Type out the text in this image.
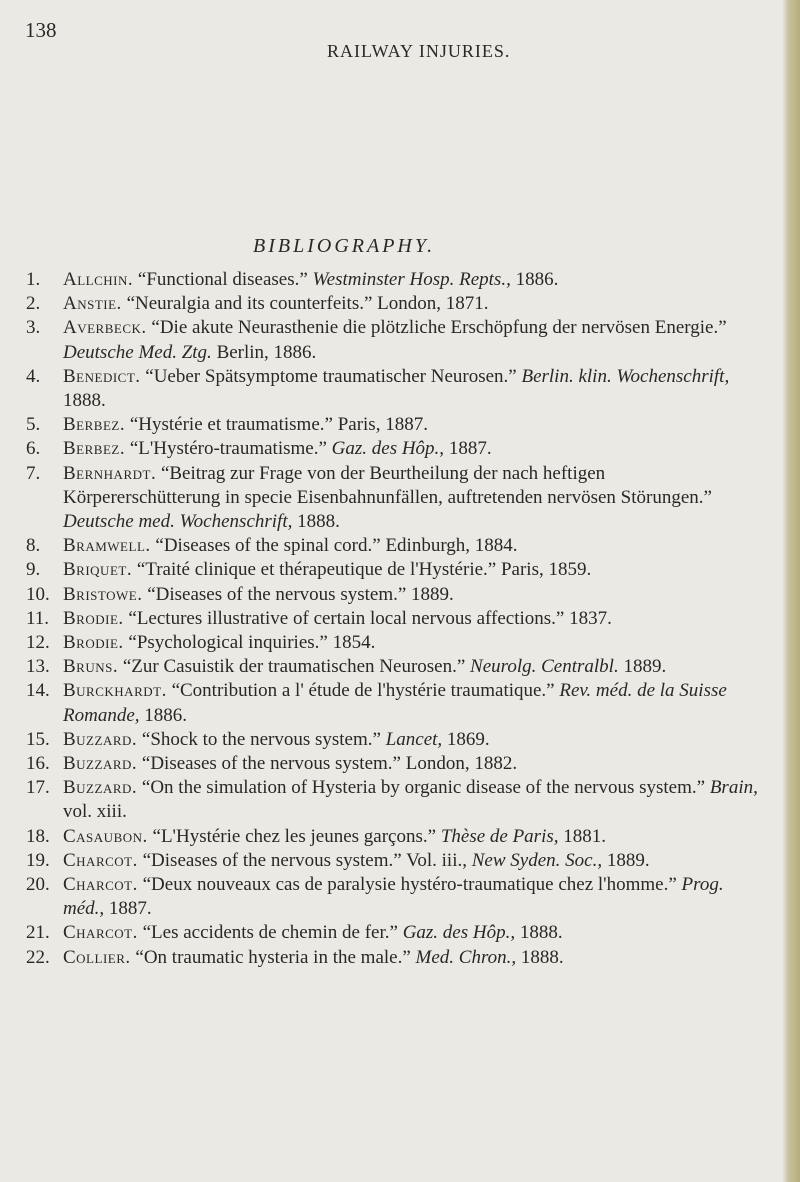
138
RAILWAY INJURIES.
BIBLIOGRAPHY.
1. Allchin. “Functional diseases.” Westminster Hosp. Repts., 1886.
2. Anstie. “Neuralgia and its counterfeits.” London, 1871.
3. Averbeck. “Die akute Neurasthenie die plötzliche Erschöpfung der nervösen Energie.” Deutsche Med. Ztg. Berlin, 1886.
4. Benedict. “Ueber Spätsymptome traumatischer Neurosen.” Berlin. klin. Wochenschrift, 1888.
5. Berbez. “Hystérie et traumatisme.” Paris, 1887.
6. Berbez. “L'Hystéro-traumatisme.” Gaz. des Hôp., 1887.
7. Bernhardt. “Beitrag zur Frage von der Beurtheilung der nach heftigen Körpererschütterung in specie Eisenbahnunfällen, auftretenden nervösen Störungen.” Deutsche med. Wochenschrift, 1888.
8. Bramwell. “Diseases of the spinal cord.” Edinburgh, 1884.
9. Briquet. “Traité clinique et thérapeutique de l'Hystérie.” Paris, 1859.
10. Bristowe. “Diseases of the nervous system.” 1889.
11. Brodie. “Lectures illustrative of certain local nervous affections.” 1837.
12. Brodie. “Psychological inquiries.” 1854.
13. Bruns. “Zur Casuistik der traumatischen Neurosen.” Neurolg. Centralbl. 1889.
14. Burckhardt. “Contribution a l' étude de l'hystérie traumatique.” Rev. méd. de la Suisse Romande, 1886.
15. Buzzard. “Shock to the nervous system.” Lancet, 1869.
16. Buzzard. “Diseases of the nervous system.” London, 1882.
17. Buzzard. “On the simulation of Hysteria by organic disease of the nervous system.” Brain, vol. xiii.
18. Casaubon. “L'Hystérie chez les jeunes garçons.” Thèse de Paris, 1881.
19. Charcot. “Diseases of the nervous system.” Vol. iii., New Syden. Soc., 1889.
20. Charcot. “Deux nouveaux cas de paralysie hystéro-traumatique chez l'homme.” Prog. méd., 1887.
21. Charcot. “Les accidents de chemin de fer.” Gaz. des Hôp., 1888.
22. Collier. “On traumatic hysteria in the male.” Med. Chron., 1888.
